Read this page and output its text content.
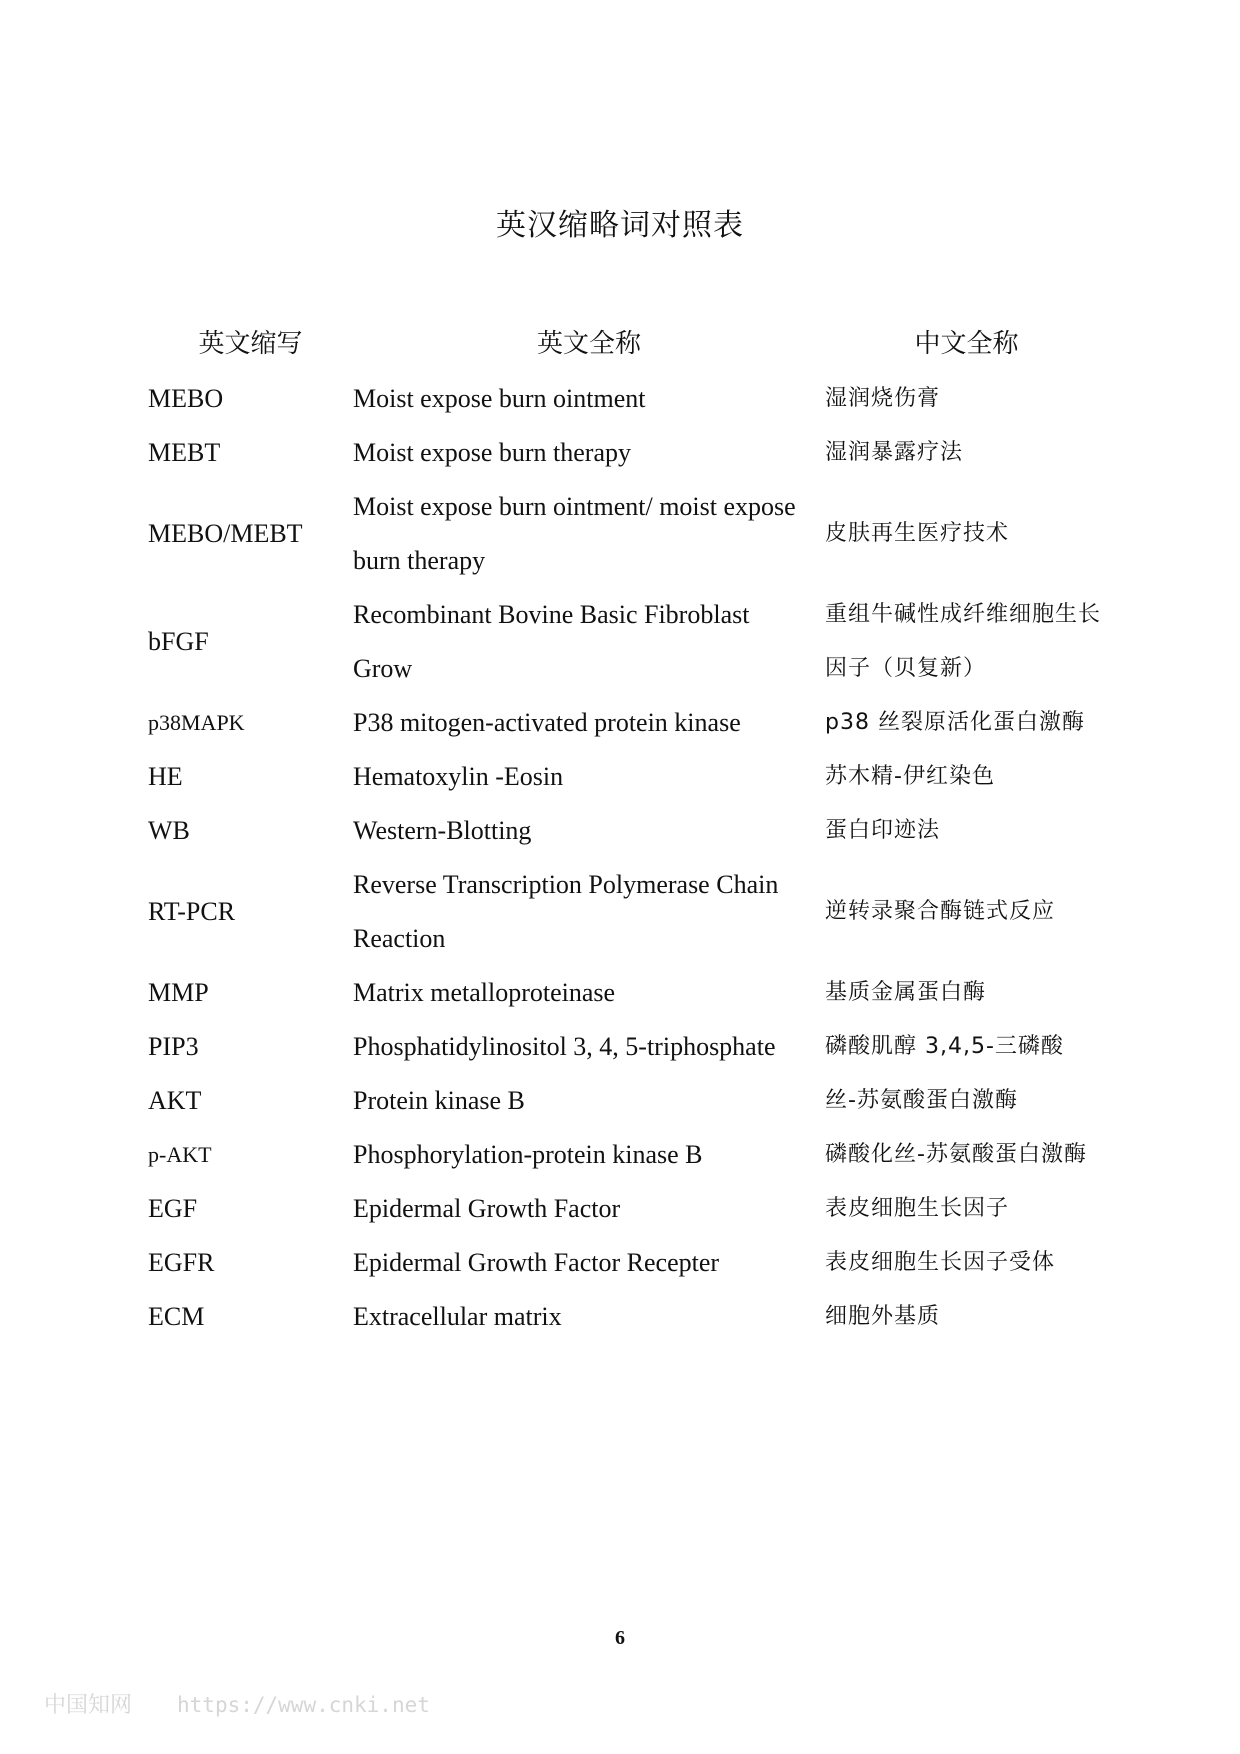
英汉缩略词对照表
英文缩写	英文全称	中文全称
MEBO	Moist expose burn ointment	湿润烧伤膏
MEBT	Moist expose burn therapy	湿润暴露疗法
MEBO/MEBT	Moist expose burn ointment/ moist expose burn therapy	皮肤再生医疗技术
bFGF	Recombinant Bovine Basic Fibroblast Grow	重组牛碱性成纤维细胞生长因子（贝复新）
p38MAPK	P38 mitogen-activated protein kinase	p38 丝裂原活化蛋白激酶
HE	Hematoxylin -Eosin	苏木精-伊红染色
WB	Western-Blotting	蛋白印迹法
RT-PCR	Reverse Transcription Polymerase Chain Reaction	逆转录聚合酶链式反应
MMP	Matrix metalloproteinase	基质金属蛋白酶
PIP3	Phosphatidylinositol 3, 4, 5-triphosphate	磷酸肌醇 3,4,5-三磷酸
AKT	Protein kinase B	丝-苏氨酸蛋白激酶
p-AKT	Phosphorylation-protein kinase B	磷酸化丝-苏氨酸蛋白激酶
EGF	Epidermal Growth Factor	表皮细胞生长因子
EGFR	Epidermal Growth Factor Recepter	表皮细胞生长因子受体
ECM	Extracellular matrix	细胞外基质
6
中国知网 https://www.cnki.net
